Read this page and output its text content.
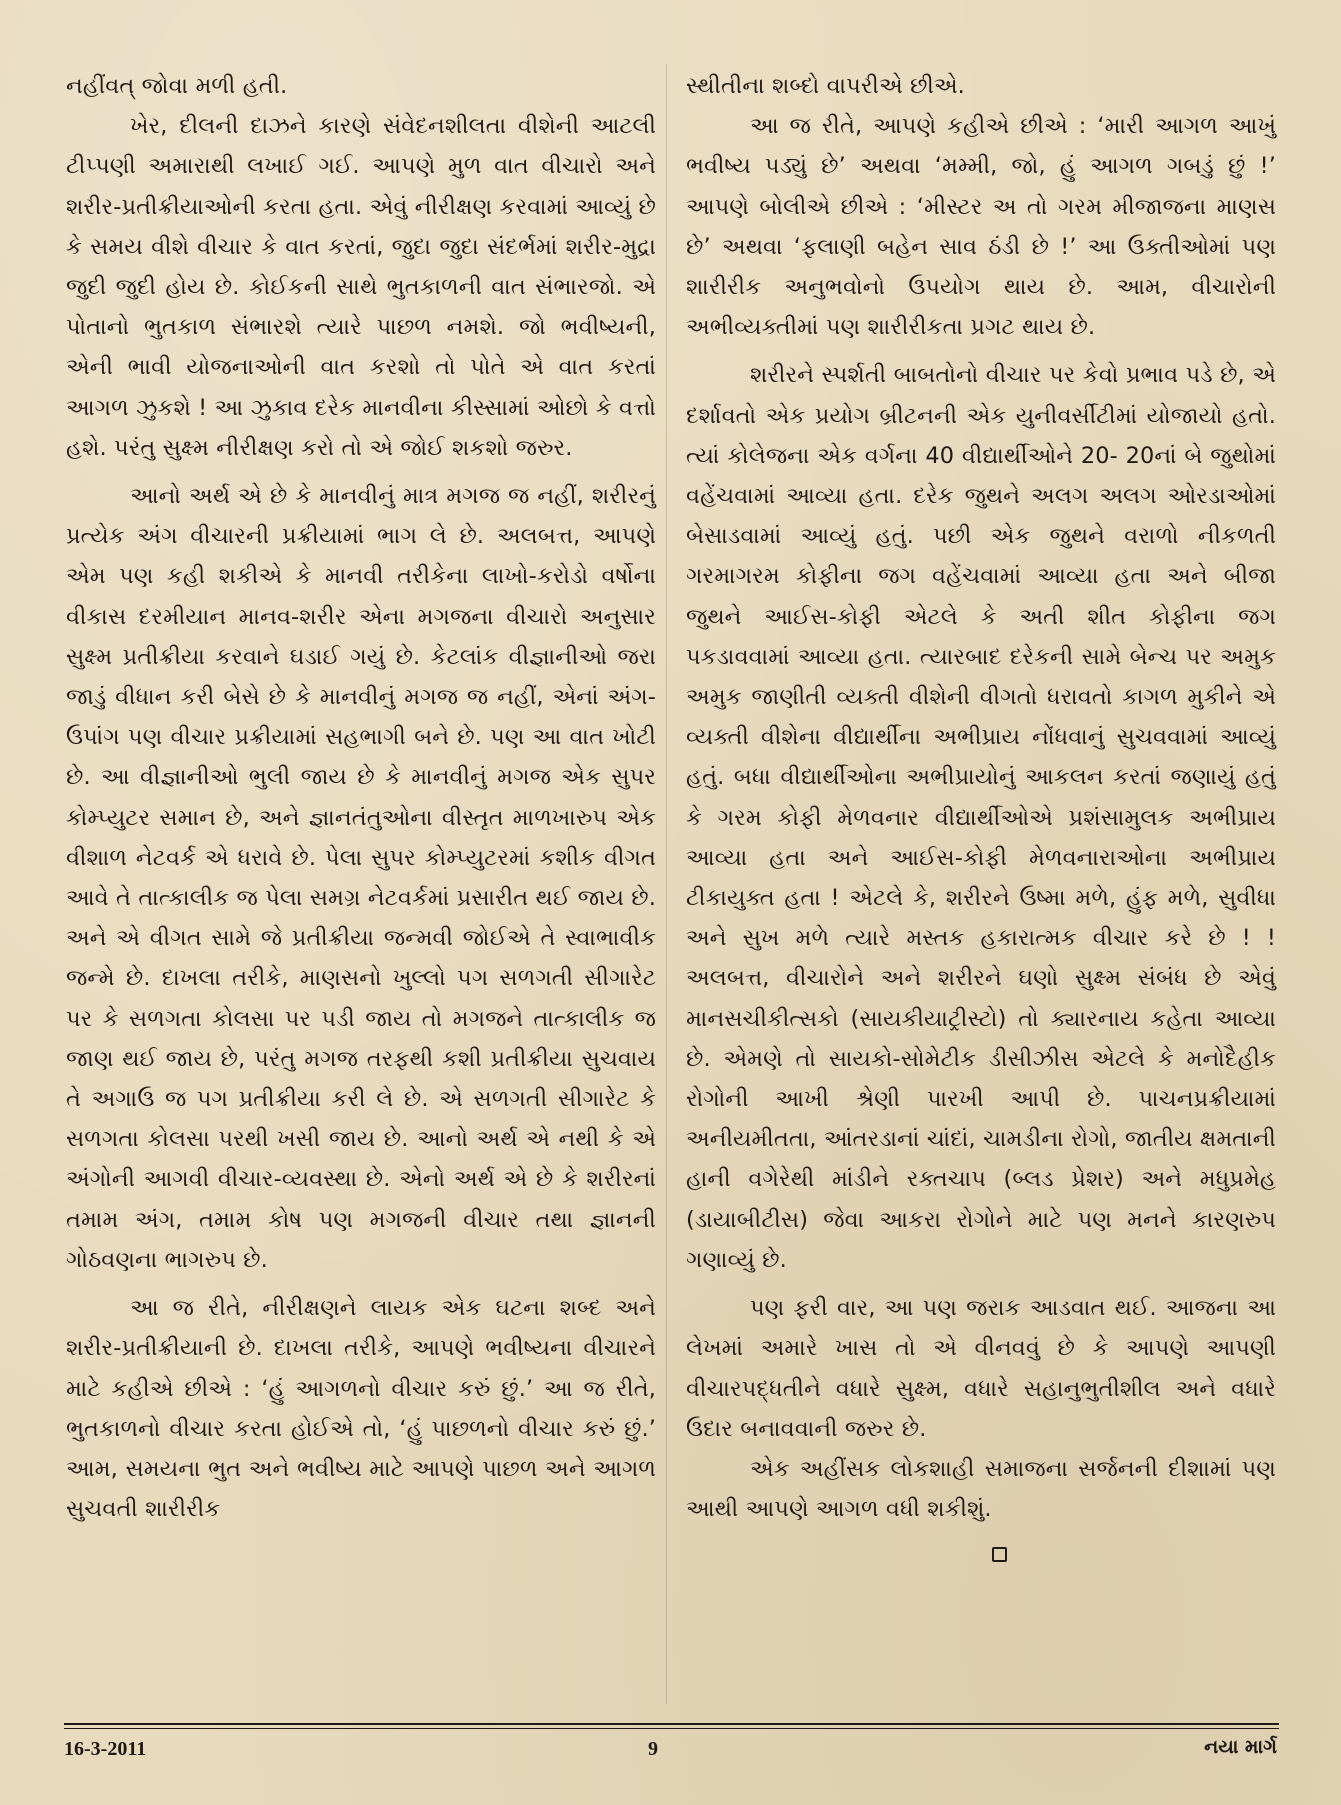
નહીંવત્ જોવા મળી હતી.

ખેર, દીલની દાઝને કારણે સંવેદનશીલતા વીશેની આટલી ટીપ્પણી અમારાથી લખાઈ ગઈ. આપણે મુળ વાત વીચારો અને શરીર-પ્રતીક્રીયાઓની કરતા હતા. એવું નીરીક્ષણ કરવામાં આવ્યું છે કે સમય વીશે વીચાર કે વાત કરતાં, જુદા જુદા સંદર્ભમાં શરીર-મુદ્રા જુદી જુદી હોય છે. કોઈકની સાથે ભુતકાળની વાત સંભારજો. એ પોતાનો ભુતકાળ સંભારશે ત્યારે પાછળ નમશે. જો ભવીષ્યની, એની ભાવી યોજનાઓની વાત કરશો તો પોતે એ વાત કરતાં આગળ ઝુકશે ! આ ઝુકાવ દરેક માનવીના કીસ્સામાં ઓછો કે વત્તો હશે. પરંતુ સુક્ષ્મ નીરીક્ષણ કરો તો એ જોઈ શકશો જરુર.

આનો અર્થ એ છે કે માનવીનું માત્ર મગજ જ નહીં, શરીરનું પ્રત્યેક અંગ વીચારની પ્રક્રીયામાં ભાગ લે છે. અલબત્ત, આપણે એમ પણ કહી શકીએ કે માનવી તરીકેના લાખો-કરોડો વર્ષોના વીકાસ દરમીયાન માનવ-શરીર એના મગજના વીચારો અનુસાર સુક્ષ્મ પ્રતીક્રીયા કરવાને ઘડાઈ ગયું છે. કેટલાંક વીજ્ઞાનીઓ જરા જાડું વીધાન કરી બેસે છે કે માનવીનું મગજ જ નહીં, એનાં અંગ-ઉપાંગ પણ વીચાર પ્રક્રીયામાં સહભાગી બને છે. પણ આ વાત ખોટી છે. આ વીજ્ઞાનીઓ ભુલી જાય છે કે માનવીનું મગજ એક સુપર કોમ્પ્યુટર સમાન છે, અને જ્ઞાનતંતુઓના વીસ્તૃત માળખારુપ એક વીશાળ નેટવર્ક એ ધરાવે છે. પેલા સુપર કોમ્પ્યુટરમાં કશીક વીગત આવે તે તાત્કાલીક જ પેલા સમગ્ર નેટવર્કમાં પ્રસારીત થઈ જાય છે. અને એ વીગત સામે જે પ્રતીક્રીયા જન્મવી જોઈએ તે સ્વાભાવીક જન્મે છે. દાખલા તરીકે, માણસનો ખુલ્લો પગ સળગતી સીગારેટ પર કે સળગતા કોલસા પર પડી જાય તો મગજને તાત્કાલીક જ જાણ થઈ જાય છે, પરંતુ મગજ તરફથી કશી પ્રતીક્રીયા સુચવાય તે અગાઉ જ પગ પ્રતીક્રીયા કરી લે છે. એ સળગતી સીગારેટ કે સળગતા કોલસા પરથી ખસી જાય છે. આનો અર્થ એ નથી કે એ અંગોની આગવી વીચાર-વ્યવસ્થા છે. એનો અર્થ એ છે કે શરીરનાં તમામ અંગ, તમામ કોષ પણ મગજની વીચાર તથા જ્ઞાનની ગોઠવણના ભાગરુપ છે.

આ જ રીતે, નીરીક્ષણને લાયક એક ઘટના શબ્દ અને શરીર-પ્રતીક્રીયાની છે. દાખલા તરીકે, આપણે ભવીષ્યના વીચારને માટે કહીએ છીએ : ‘હું આગળનો વીચાર કરું છું.’ આ જ રીતે, ભુતકાળનો વીચાર કરતા હોઈએ તો, ‘હું પાછળનો વીચાર કરું છું.’ આમ, સમયના ભુત અને ભવીષ્ય માટે આપણે પાછળ અને આગળ સુચવતી શારીરીક

સ્થીતીના શબ્દો વાપરીએ છીએ.

આ જ રીતે, આપણે કહીએ છીએ : ‘મારી આગળ આખું ભવીષ્ય પડ્યું છે’ અથવા ‘મમ્મી, જો, હું આગળ ગબડું છું !’ આપણે બોલીએ છીએ : ‘મીસ્ટર અ તો ગરમ મીજાજના માણસ છે’ અથવા ‘ફલાણી બહેન સાવ ઠંડી છે !’ આ ઉક્તીઓમાં પણ શારીરીક અનુભવોનો ઉપયોગ થાય છે. આમ, વીચારોની અભીવ્યક્તીમાં પણ શારીરીકતા પ્રગટ થાય છે.

શરીરને સ્પર્શતી બાબતોનો વીચાર પર કેવો પ્રભાવ પડે છે, એ દર્શાવતો એક પ્રયોગ બ્રીટનની એક યુનીવર્સીટીમાં યોજાયો હતો. ત્યાં કોલેજના એક વર્ગના 40 વીદ્યાર્થીઓને 20- 20નાં બે જુથોમાં વહેંચવામાં આવ્યા હતા. દરેક જુથને અલગ અલગ ઓરડાઓમાં બેસાડવામાં આવ્યું હતું. પછી એક જુથને વરાળો નીકળતી ગરમાગરમ કોફીના જગ વહેંચવામાં આવ્યા હતા અને બીજા જુથને આઈસ-કોફી એટલે કે અતી શીત કોફીના જગ પકડાવવામાં આવ્યા હતા. ત્યારબાદ દરેકની સામે બેન્ચ પર અમુક અમુક જાણીતી વ્યક્તી વીશેની વીગતો ધરાવતો કાગળ મુકીને એ વ્યક્તી વીશેના વીદ્યાર્થીના અભીપ્રાય નોંધવાનું સુચવવામાં આવ્યું હતું. બધા વીદ્યાર્થીઓના અભીપ્રાયોનું આકલન કરતાં જણાયું હતું કે ગરમ કોફી મેળવનાર વીદ્યાર્થીઓએ પ્રશંસામુલક અભીપ્રાય આવ્યા હતા અને આઈસ-કોફી મેળવનારાઓના અભીપ્રાય ટીકાયુક્ત હતા ! એટલે કે, શરીરને ઉષ્મા મળે, હુંફ મળે, સુવીધા અને સુખ મળે ત્યારે મસ્તક હકારાત્મક વીચાર કરે છે ! ! અલબત્ત, વીચારોને અને શરીરને ઘણો સુક્ષ્મ સંબંધ છે એવું માનસચીકીત્સકો (સાયકીયાટ્રીસ્ટો) તો ક્યારનાય કહેતા આવ્યા છે. એમણે તો સાયકો-સોમેટીક ડીસીઝીસ એટલે કે મનોદૈહીક રોગોની આખી શ્રેણી પારખી આપી છે. પાચનપ્રક્રીયામાં અનીયમીતતા, આંતરડાનાં ચાંદાં, ચામડીના રોગો, જાતીય ક્ષમતાની હાની વગેરેથી માંડીને રક્તચાપ (બ્લડ પ્રેશર) અને મધુપ્રમેહ (ડાયાબીટીસ) જેવા આકરા રોગોને માટે પણ મનને કારણરુપ ગણાવ્યું છે.

પણ ફરી વાર, આ પણ જરાક આડવાત થઈ. આજના આ લેખમાં અમારે ખાસ તો એ વીનવવું છે કે આપણે આપણી વીચારપદ્ધતીને વધારે સુક્ષ્મ, વધારે સહાનુભુતીશીલ અને વધારે ઉદાર બનાવવાની જરુર છે.

એક અહીંસક લોકશાહી સમાજના સર્જનની દીશામાં પણ આથી આપણે આગળ વધી શકીશું.

16-3-2011	9	નયા માર્ગ
